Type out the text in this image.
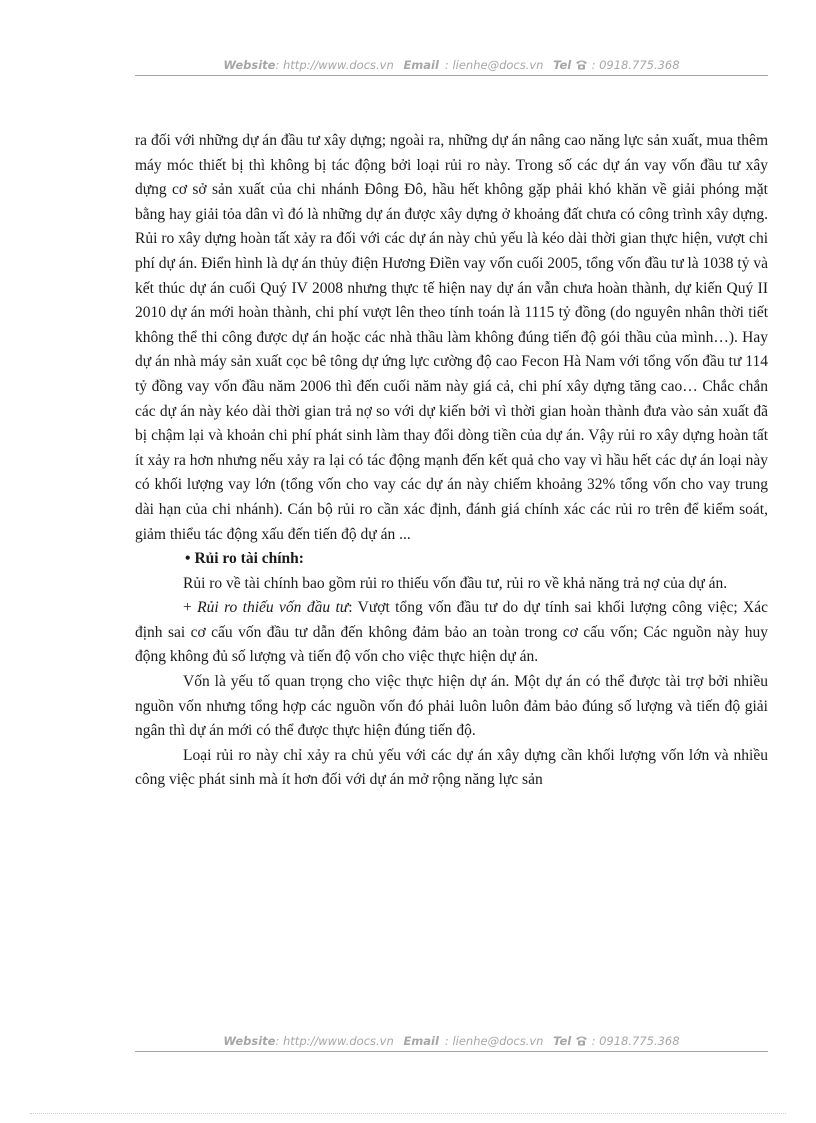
Website: http://www.docs.vn Email : lienhe@docs.vn Tel : 0918.775.368

ra đối với những dự án đầu tư xây dựng; ngoài ra, những dự án nâng cao năng lực sản xuất, mua thêm máy móc thiết bị thì không bị tác động bởi loại rủi ro này. Trong số các dự án vay vốn đầu tư xây dựng cơ sở sản xuất của chi nhánh Đông Đô, hầu hết không gặp phải khó khăn về giải phóng mặt bằng hay giải tỏa dân vì đó là những dự án được xây dựng ở khoảng đất chưa có công trình xây dựng. Rủi ro xây dựng hoàn tất xảy ra đối với các dự án này chủ yếu là kéo dài thời gian thực hiện, vượt chi phí dự án. Điển hình là dự án thủy điện Hương Điền vay vốn cuối 2005, tổng vốn đầu tư là 1038 tỷ và kết thúc dự án cuối Quý IV 2008 nhưng thực tế hiện nay dự án vẫn chưa hoàn thành, dự kiến Quý II 2010 dự án mới hoàn thành, chi phí vượt lên theo tính toán là 1115 tỷ đồng (do nguyên nhân thời tiết không thể thi công được dự án hoặc các nhà thầu làm không đúng tiến độ gói thầu của mình…). Hay dự án nhà máy sản xuất cọc bê tông dự ứng lực cường độ cao Fecon Hà Nam với tổng vốn đầu tư 114 tỷ đồng vay vốn đầu năm 2006 thì đến cuối năm này giá cả, chi phí xây dựng tăng cao… Chắc chắn các dự án này kéo dài thời gian trả nợ so với dự kiến bởi vì thời gian hoàn thành đưa vào sản xuất đã bị chậm lại và khoản chi phí phát sinh làm thay đổi dòng tiền của dự án. Vậy rủi ro xây dựng hoàn tất ít xảy ra hơn nhưng nếu xảy ra lại có tác động mạnh đến kết quả cho vay vì hầu hết các dự án loại này có khối lượng vay lớn (tổng vốn cho vay các dự án này chiếm khoảng 32% tổng vốn cho vay trung dài hạn của chi nhánh). Cán bộ rủi ro cần xác định, đánh giá chính xác các rủi ro trên để kiểm soát, giảm thiểu tác động xấu đến tiến độ dự án ...

• Rủi ro tài chính:

Rủi ro về tài chính bao gồm rủi ro thiếu vốn đầu tư, rủi ro về khả năng trả nợ của dự án.

+ Rủi ro thiếu vốn đầu tư: Vượt tổng vốn đầu tư do dự tính sai khối lượng công việc; Xác định sai cơ cấu vốn đầu tư dẫn đến không đảm bảo an toàn trong cơ cấu vốn; Các nguồn này huy động không đủ số lượng và tiến độ vốn cho việc thực hiện dự án.

Vốn là yếu tố quan trọng cho việc thực hiện dự án. Một dự án có thể được tài trợ bởi nhiều nguồn vốn nhưng tổng hợp các nguồn vốn đó phải luôn luôn đảm bảo đúng số lượng và tiến độ giải ngân thì dự án mới có thể được thực hiện đúng tiến độ.

Loại rủi ro này chỉ xảy ra chủ yếu với các dự án xây dựng cần khối lượng vốn lớn và nhiều công việc phát sinh mà ít hơn đối với dự án mở rộng năng lực sản

Website: http://www.docs.vn Email : lienhe@docs.vn Tel : 0918.775.368
